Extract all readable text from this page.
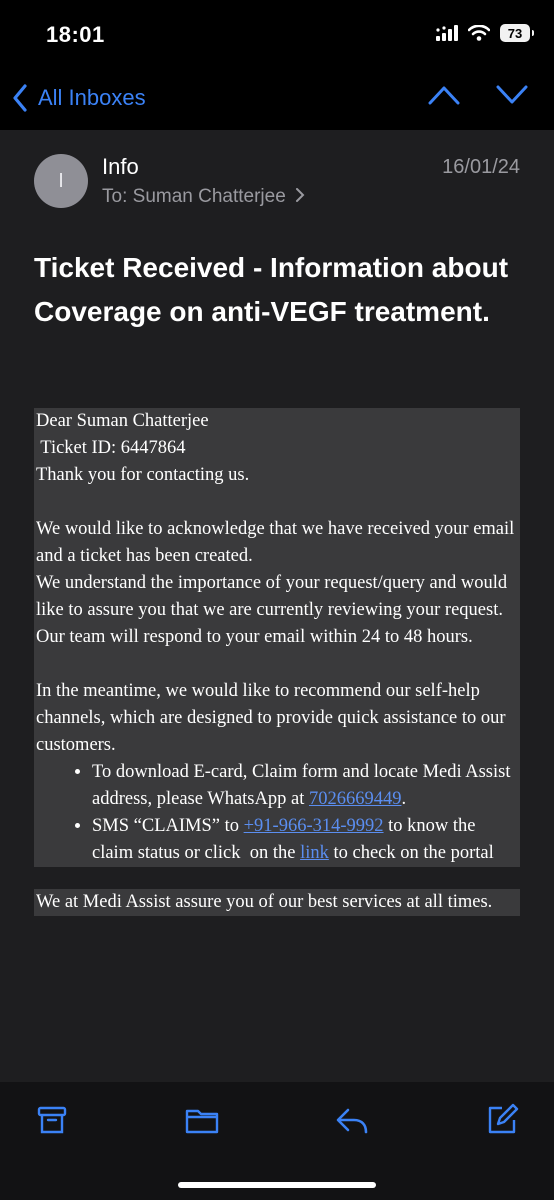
18:01	73
All Inboxes
I
Info
To: Suman Chatterjee
16/01/24
Ticket Received - Information about Coverage on anti-VEGF treatment.

Dear Suman Chatterjee

Ticket ID: 6447864

Thank you for contacting us.

We would like to acknowledge that we have received your email and a ticket has been created.

We understand the importance of your request/query and would like to assure you that we are currently reviewing your request. Our team will respond to your email within 24 to 48 hours.

In the meantime, we would like to recommend our self-help channels, which are designed to provide quick assistance to our customers.

• To download E-card, Claim form and locate Medi Assist address, please WhatsApp at 7026669449.
• SMS “CLAIMS” to +91-966-314-9992 to know the claim status or click  on the link to check on the portal

We at Medi Assist assure you of our best services at all times.
